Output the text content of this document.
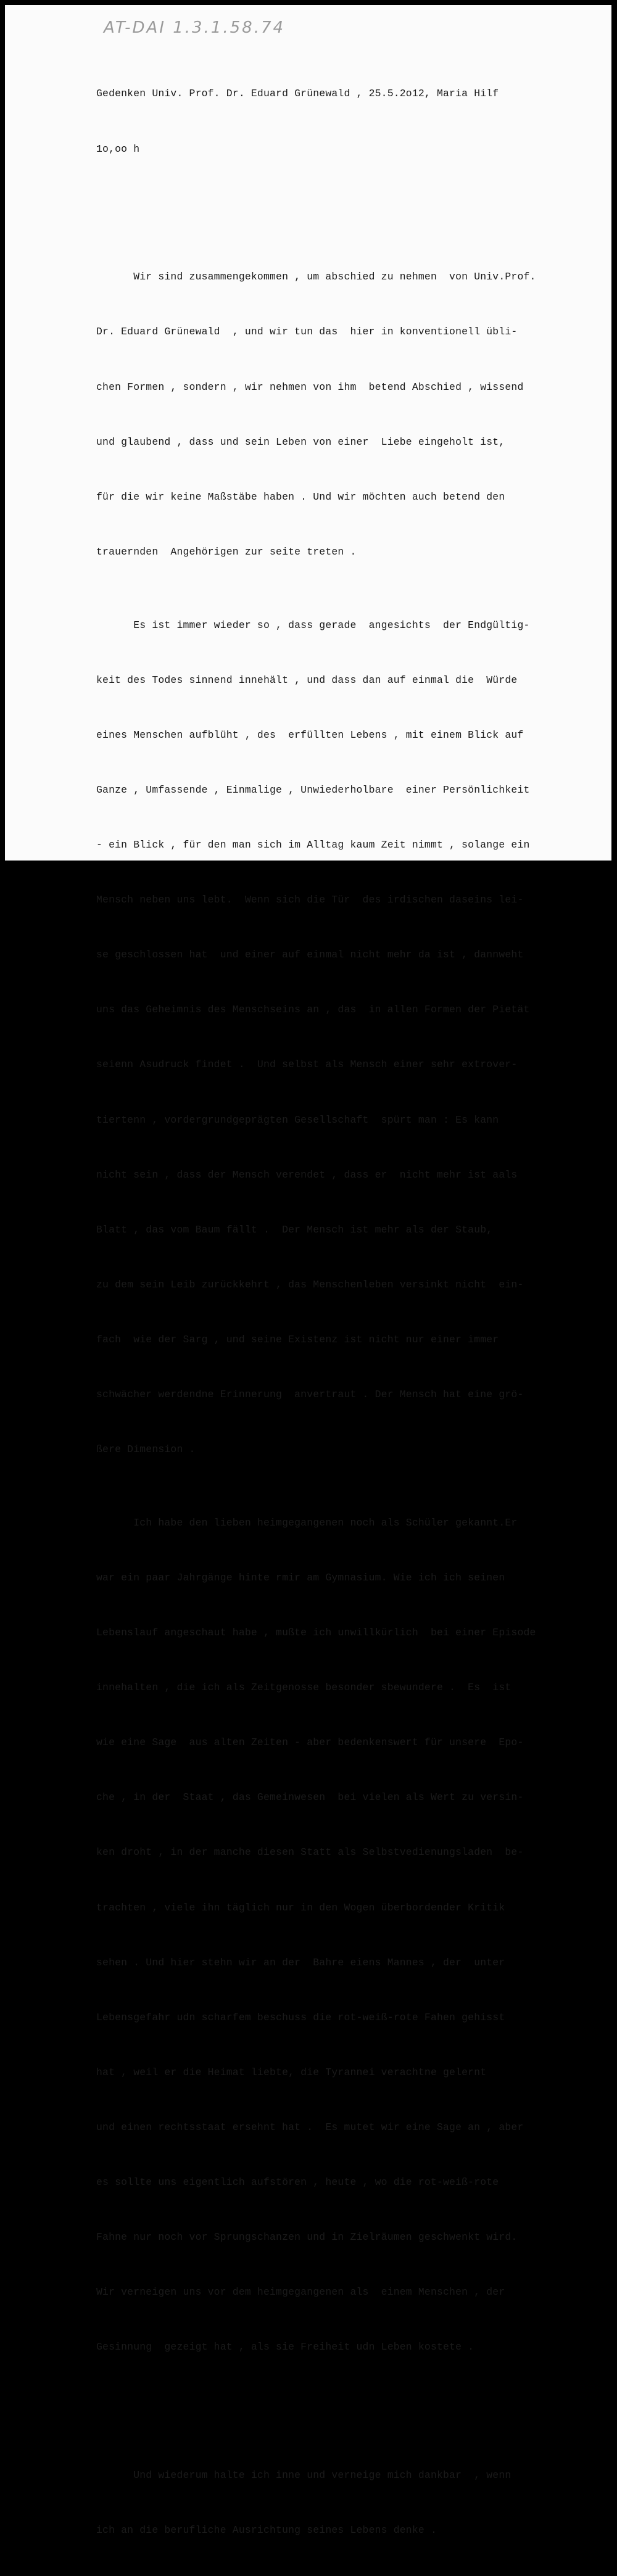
AT-DAI 1.3.1.58.74

Gedenken Univ. Prof. Dr. Eduard Grünewald , 25.5.2o12, Maria Hilf

1o,oo h

Wir sind zusammengekommen , um abschied zu nehmen  von Univ.Prof.

Dr. Eduard Grünewald  , und wir tun das  hier in konventionell übli-

chen Formen , sondern , wir nehmen von ihm  betend Abschied , wissend

und glaubend , dass und sein Leben von einer  Liebe eingeholt ist,

für die wir keine Maßstäbe haben . Und wir möchten auch betend den

trauernden  Angehörigen zur seite treten .

Es ist immer wieder so , dass gerade  angesichts  der Endgültig-

keit des Todes sinnend innehält , und dass dan auf einmal die  Würde

eines Menschen aufblüht , des  erfüllten Lebens , mit einem Blick auf

Ganze , Umfassende , Einmalige , Unwiederholbare  einer Persönlichkeit

- ein Blick , für den man sich im Alltag kaum Zeit nimmt , solange ein

Mensch neben uns lebt.  Wenn sich die Tür  des irdischen daseins lei-

se geschlossen hat  und einer auf einmal nicht mehr da ist , dannweht

uns das Geheimnis des Menschseins an , das  in allen Formen der Pietät

seienn Asudruck findet .  Und selbst als Mensch einer sehr extrover-

tiertenn , vordergrundgeprägten Gesellschaft  spürt man : Es kann

nicht sein , dass der Mensch verendet , dass er  nicht mehr ist aals

Blatt , das vom Baum fällt .  Der Mensch ist mehr als der Staub,

zu dem sein Leib zurückkehrt , das Menschenleben versinkt nicht  ein-

fach  wie der Sarg , und seine Existenz ist nicht nur einer immer

schwächer werdendne Erinnerung  anvertraut . Der Mensch hat eine grö-

ßere Dimension .

Ich habe den lieben heimgegangenen noch als Schüler gekannt.Er

war ein paar Jahrgänge hinte rmir am Gymnasium. Wie ich ich seinen

Lebenslauf angeschaut habe , mußte ich unwillkürlich  bei einer Episode

innehalten , die ich als Zeitgenosse besonder sbewundere .  Es  ist

wie eine Sage  aus alten Zeiten - aber bedenkenswert für unsere  Epo-

che , in der  Staat , das Gemeinwesen  bei vielen als Wert zu versin-

ken droht , in der manche diesen Statt als Selbstvedienungsladen  be-

trachten , viele ihn täglich nur in den Wogen überbordender Kritik

sehen . Und hier stehn wir an der  Bahre eiens Mannes , der  unter

Lebensgefahr udn scharfem beschuss die rot-weiß-rote Fahen gehisst

hat , weil er die Heimat liebte, die Tyrannei verachtne gelernt

und einen rechtsstaat ersehnt hat .  Es mutet wir eine Sage an , aber

es sollte uns eigentlich aufstören , heute , wo die rot-weiß-rote

Fahne nur noch vor Sprungschanzen und in Zielräumen geschwenkt wird.

Wir verneigen uns vor dem heimgegangenen als  einem Menschen , der

Gesinnung  gezeigt hat , als sie Freiheit udn Leben kostete .

Und wiederum halte ich inne und verneige mich dankbar  , wenn

ich an die berufliche Ausrichtung seines Lebens denke .
